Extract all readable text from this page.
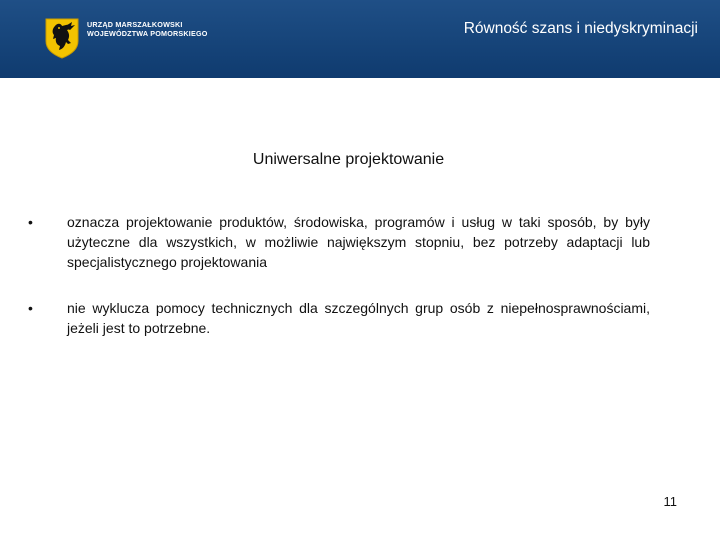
URZĄD MARSZAŁKOWSKI
WOJEWÓDZTWA POMORSKIEGO	Równość szans i niedyskryminacji
Uniwersalne projektowanie
•	oznacza projektowanie produktów, środowiska, programów i usług w taki sposób, by były użyteczne dla wszystkich, w możliwie największym stopniu, bez potrzeby adaptacji lub specjalistycznego projektowania
•	nie wyklucza pomocy technicznych dla szczególnych grup osób z niepełnosprawnościami, jeżeli jest to potrzebne.
11
